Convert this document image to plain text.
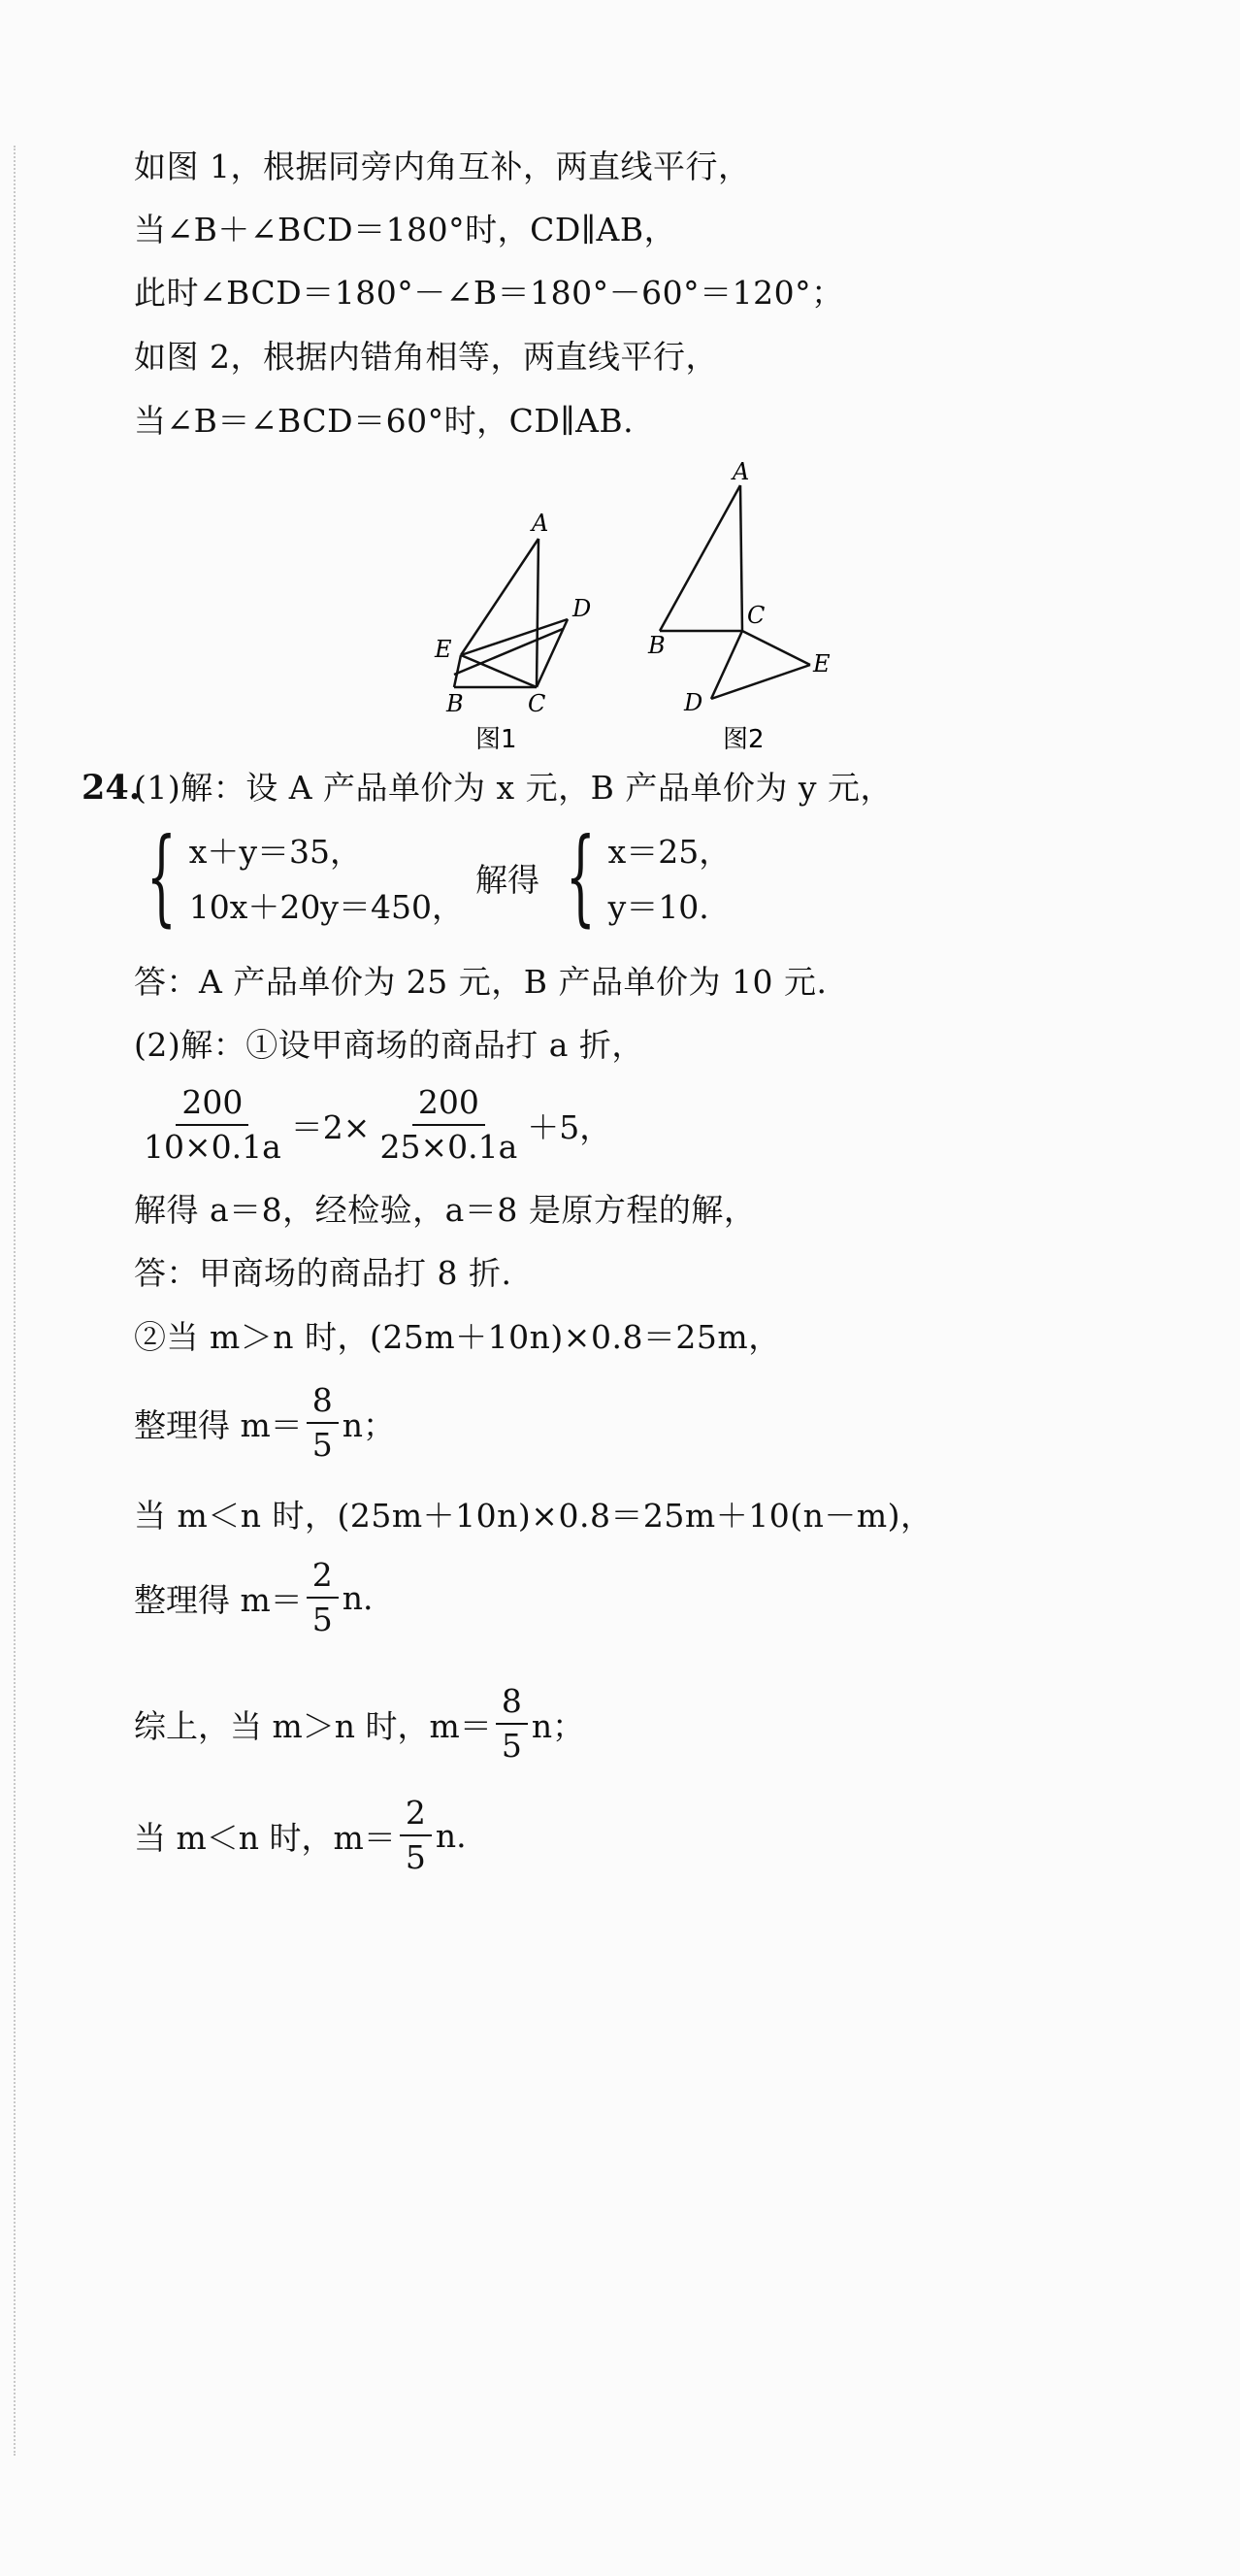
如图 1，根据同旁内角互补，两直线平行，
当∠B＋∠BCD＝180°时，CD∥AB，
此时∠BCD＝180°－∠B＝180°－60°＝120°；
如图 2，根据内错角相等，两直线平行，
当∠B＝∠BCD＝60°时，CD∥AB.
A
D
E
B	C
图1
A
B
C
E
D
图2
24.
(1)解：设 A 产品单价为 x 元，B 产品单价为 y 元，
{ x＋y＝35，
10x＋20y＝450，
解得 { x＝25，
y＝10.
答：A 产品单价为 25 元，B 产品单价为 10 元.
(2)解：①设甲商场的商品打 a 折，
$\frac{200}{10\times 0.1a} =2\times \frac{200}{25\times 0.1a} +5$，
解得 a＝8，经检验，a＝8 是原方程的解，
答：甲商场的商品打 8 折.
②当 m＞n 时，(25m＋10n)×0.8＝25m，
整理得 $m= \frac{8}{5}$ n；
当 m＜n 时，(25m＋10n)×0.8＝25m＋10(n－m)，
整理得 $m= \frac{2}{5} n$.
综上，当 m＞n 时，$m= \frac{8}{5}$ n；
当 m＜n 时，$m= \frac{2}{5} n$.
